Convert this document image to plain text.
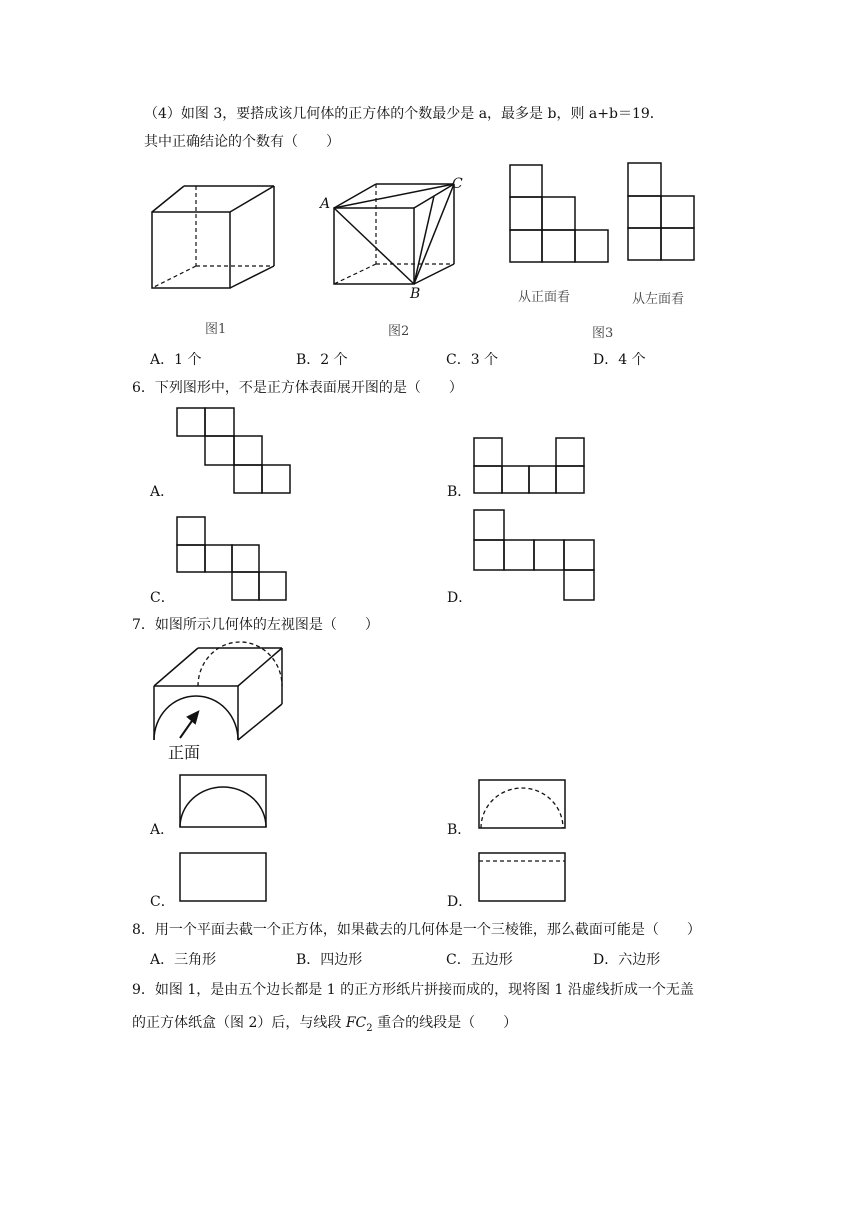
（4）如图 3，要搭成该几何体的正方体的个数最少是 a，最多是 b，则 a+b＝19．
其中正确结论的个数有（　　）
图1
A
C
B
图2
从正面看	从左面看
图3
A．1 个	B．2 个	C．3 个	D．4 个
6．下列图形中，不是正方体表面展开图的是（　　）
A．	B．
C．	D．
7．如图所示几何体的左视图是（　　）
正面
A．	B．
C．	D．
8．用一个平面去截一个正方体，如果截去的几何体是一个三棱锥，那么截面可能是（　　）
A．三角形	B．四边形	C．五边形	D．六边形
9．如图 1，是由五个边长都是 1 的正方形纸片拼接而成的，现将图 1 沿虚线折成一个无盖
的正方体纸盒（图 2）后，与线段 $FC_2$ 重合的线段是（　　）
